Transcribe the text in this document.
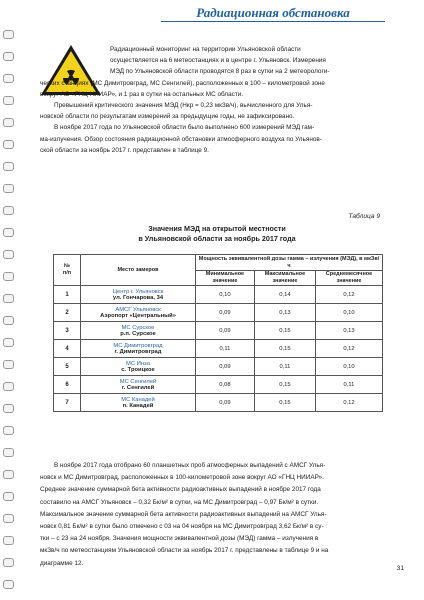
Радиационная обстановка
Радиационный мониторинг на территории Ульяновской области
осуществляется на 6 метеостанциях и в центре г. Ульяновск. Измерения
МЭД по Ульяновской области проводятся 8 раз в сутки на 2 метеорологи-
ческих станциях (МС Димитровград, МС Сенгилей), расположенных в 100 – километровой зоне
вокруг АО «ГНЦ НИИАР», и 1 раз в сутки на остальных МС области.
Превышений критического значения МЭД (Нкр = 0,23 мкЗв/ч), вычисленного для Улья-
новской области по результатам измерений за предыдущие годы, не зафиксировано.
В ноябре 2017 года по Ульяновской области было выполнено 600 измерений МЭД гам-
ма-излучения. Обзор состояния радиационной обстановки атмосферного воздуха по Ульянов-
ской области за ноябрь 2017 г. представлен в таблице 9.
Таблица 9
Значения МЭД на открытой местности
в Ульяновской области за ноябрь 2017 года
№
п/п	Место замеров	Мощность эквивалентной дозы гамма – излучения (МЭД), в мкЗв/ч		
		Минимальное значение	Максимальное значение	Среднемесячное значение
1	Центр г. Ульяновск
ул. Гончарова, 34	0,10	0,14	0,12
2	АМСГ Ульяновск
Аэропорт «Центральный»	0,09	0,13	0,10
3	МС Сурское
р.п. Сурское	0,09	0,15	0,13
4	МС Димитровград
г. Димитровград	0,11	0,15	0,12
5	МС Инза
с. Троицкое	0,09	0,11	0,10
6	МС Сенгилей
г. Сенгилей	0,08	0,15	0,11
7	МС Канадей
п. Канадей	0,09	0,15	0,12
В ноябре 2017 года отобрано 60 планшетных проб атмосферных выпадений с АМСГ Улья-
новск и МС Димитровград, расположенных в 100-километровой зоне вокруг АО «ГНЦ НИИАР».
Среднее значение суммарной бета активности радиоактивных выпадений в ноябре 2017 года
составило на АМСГ Ульяновск – 0,32 Бк/м² в сутки, на МС Димитровград – 0,97 Бк/м² в сутки.
Максимальное значение суммарной бета активности радиоактивных выпадений на АМСГ Улья-
новск 0,81 Бк/м² в сутки было отмечено с 03 на 04 ноября на МС Димитровград 3,62 Бк/м² в су-
тки – с 23 на 24 ноября. Значения мощности эквивалентной дозы (МЭД) гамма – излучения в
мкЗв/ч по метеостанциям Ульяновской области за ноябрь 2017 г. представлены в таблице 9 и на
диаграмме 12.
31
